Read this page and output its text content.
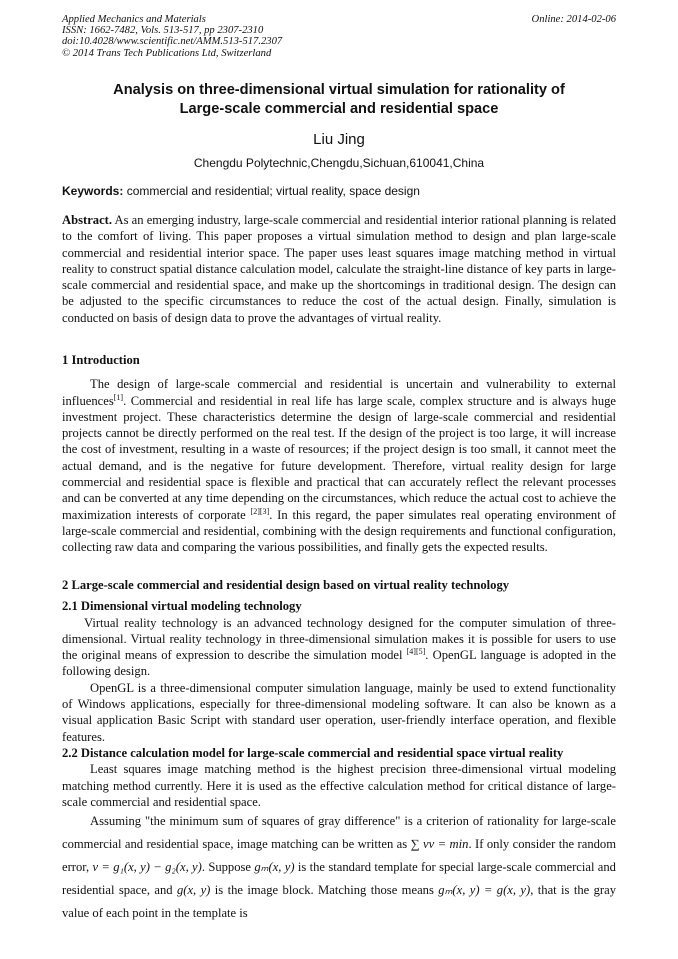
Applied Mechanics and Materials
ISSN: 1662-7482, Vols. 513-517, pp 2307-2310
doi:10.4028/www.scientific.net/AMM.513-517.2307
© 2014 Trans Tech Publications Ltd, Switzerland
Online: 2014-02-06
Analysis on three-dimensional virtual simulation for rationality of
Large-scale commercial and residential space
Liu Jing
Chengdu Polytechnic,Chengdu,Sichuan,610041,China
Keywords: commercial and residential; virtual reality, space design

Abstract. As an emerging industry, large-scale commercial and residential interior rational planning is related to the comfort of living. This paper proposes a virtual simulation method to design and plan large-scale commercial and residential interior space. The paper uses least squares image matching method in virtual reality to construct spatial distance calculation model, calculate the straight-line distance of key parts in large-scale commercial and residential space, and make up the shortcomings in traditional design. The design can be adjusted to the specific circumstances to reduce the cost of the actual design. Finally, simulation is conducted on basis of design data to prove the advantages of virtual reality.

1 Introduction

The design of large-scale commercial and residential is uncertain and vulnerability to external influences[1]. Commercial and residential in real life has large scale, complex structure and is always huge investment project. These characteristics determine the design of large-scale commercial and residential projects cannot be directly performed on the real test. If the design of the project is too large, it will increase the cost of investment, resulting in a waste of resources; if the project design is too small, it cannot meet the actual demand, and is the negative for future development. Therefore, virtual reality design for large commercial and residential space is flexible and practical that can accurately reflect the relevant processes and can be converted at any time depending on the circumstances, which reduce the actual cost to achieve the maximization interests of corporate [2][3]. In this regard, the paper simulates real operating environment of large-scale commercial and residential, combining with the design requirements and functional configuration, collecting raw data and comparing the various possibilities, and finally gets the expected results.

2 Large-scale commercial and residential design based on virtual reality technology
2.1 Dimensional virtual modeling technology

Virtual reality technology is an advanced technology designed for the computer simulation of three-dimensional. Virtual reality technology in three-dimensional simulation makes it is possible for users to use the original means of expression to describe the simulation model [4][5]. OpenGL language is adopted in the following design.

OpenGL is a three-dimensional computer simulation language, mainly be used to extend functionality of Windows applications, especially for three-dimensional modeling software. It can also be known as a visual application Basic Script with standard user operation, user-friendly interface operation, and flexible features.

2.2 Distance calculation model for large-scale commercial and residential space virtual reality

Least squares image matching method is the highest precision three-dimensional virtual modeling matching method currently. Here it is used as the effective calculation method for critical distance of large-scale commercial and residential space.

Assuming "the minimum sum of squares of gray difference" is a criterion of rationality for large-scale commercial and residential space, image matching can be written as ∑ vv = min. If only consider the random error, v = g₁(x, y) − g₂(x, y). Suppose gₘ(x, y) is the standard template for special large-scale commercial and residential space, and g(x, y) is the image block. Matching those means gₘ(x, y) = g(x, y), that is the gray value of each point in the template is
